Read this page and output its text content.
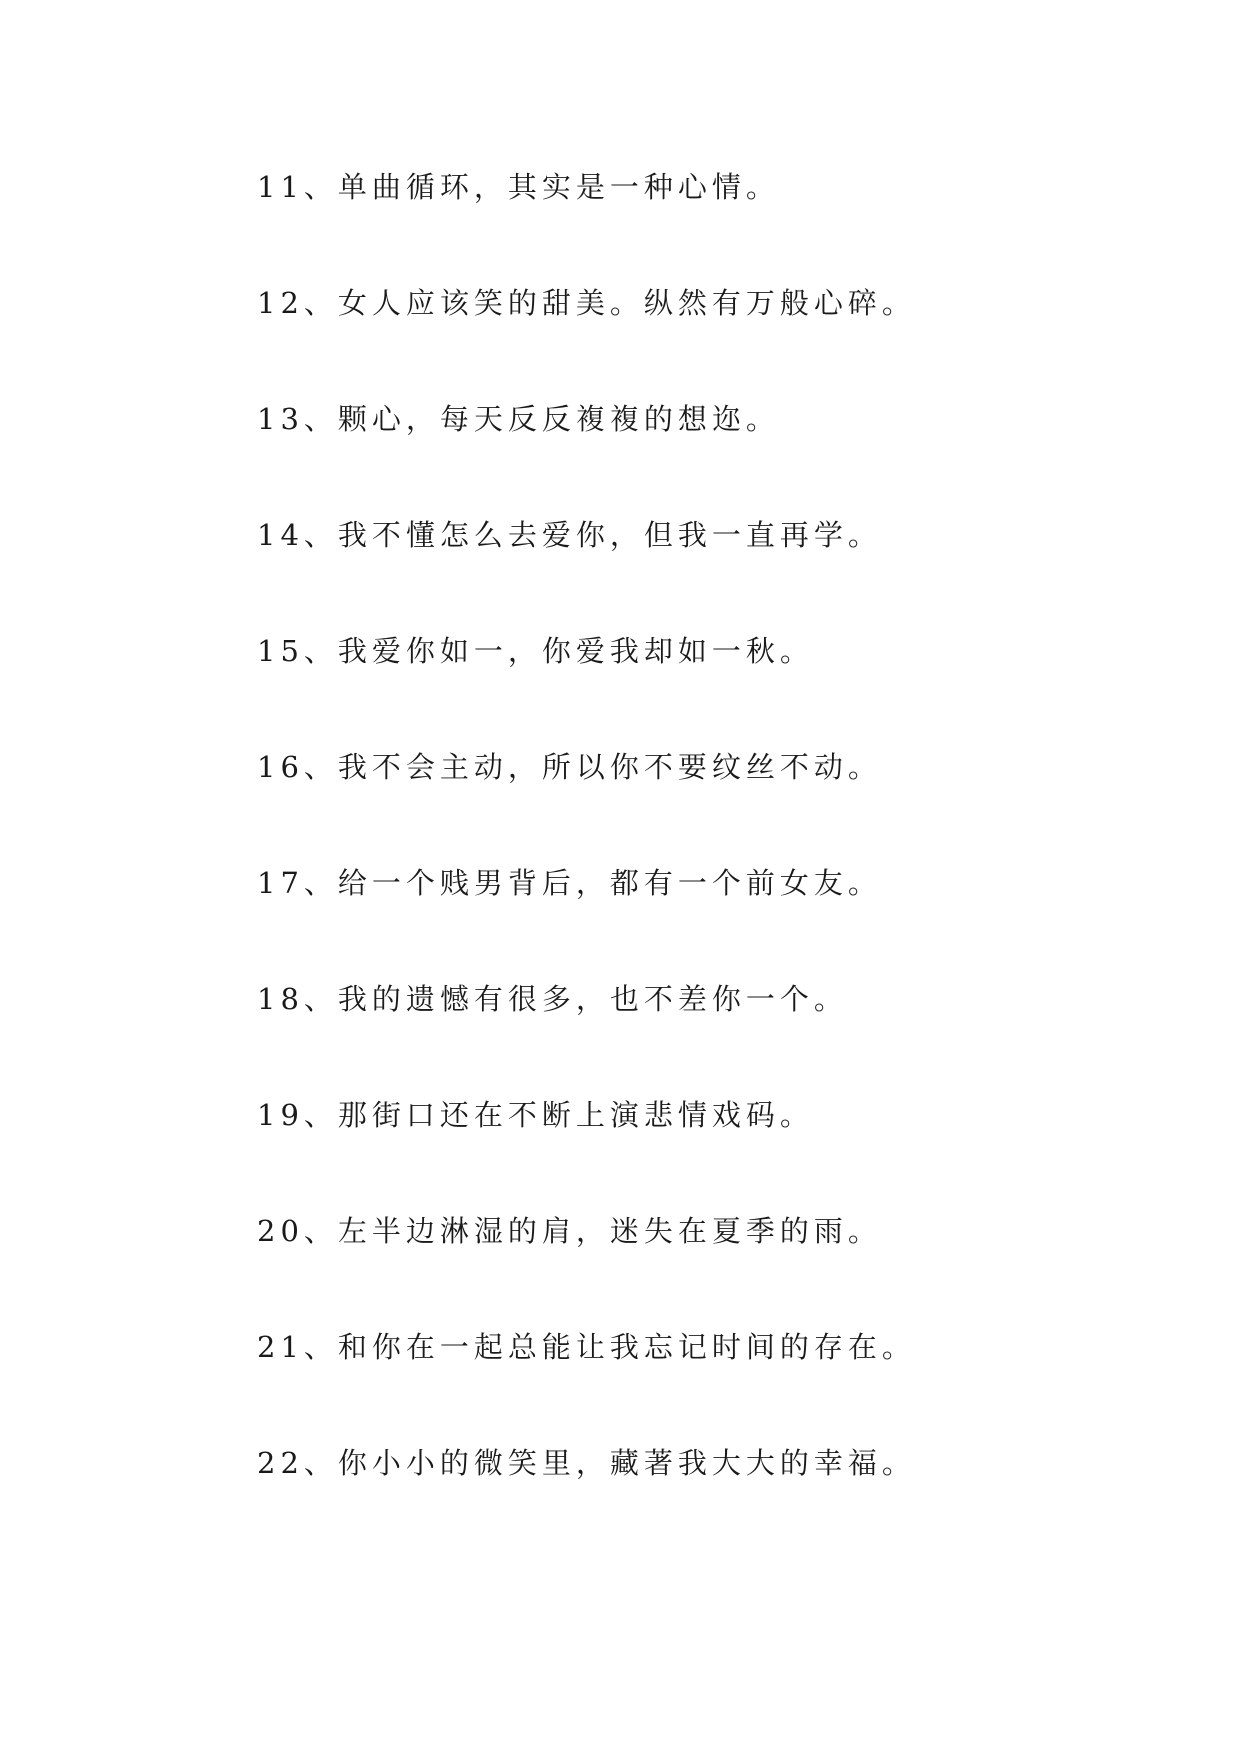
11、单曲循环，其实是一种心情。
12、女人应该笑的甜美。纵然有万般心碎。
13、颗心，每天反反複複的想迩。
14、我不懂怎么去爱你，但我一直再学。
15、我爱你如一，你爱我却如一秋。
16、我不会主动，所以你不要纹丝不动。
17、给一个贱男背后，都有一个前女友。
18、我的遗憾有很多，也不差你一个。
19、那街口还在不断上演悲情戏码。
20、左半边淋湿的肩，迷失在夏季的雨。
21、和你在一起总能让我忘记时间的存在。
22、你小小的微笑里，藏著我大大的幸福。
